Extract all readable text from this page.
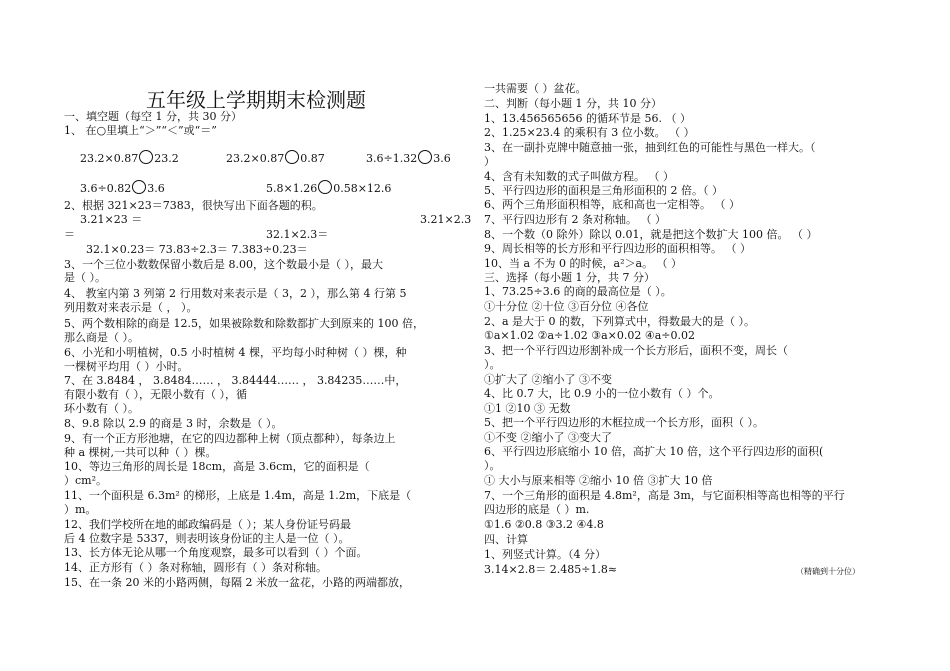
五年级上学期期末检测题
一、填空题（每空 1 分，共 30 分）
1、 在○里填上“＞”“＜”或“＝”
23.2×0.87 23.2	23.2×0.87 0.87	3.6÷1.32 3.6
3.6÷0.82 3.6	5.8×1.26 0.58×12.6
2、根据 321×23＝7383，很快写出下面各题的积。
3.21×23 ＝	3.21×2.3
＝	32.1×2.3＝
32.1×0.23＝ 73.83÷2.3＝ 7.383÷0.23＝
3、一个三位小数数保留小数后是 8.00，这个数最小是（ ），最大
是（ ）。
4、 教室内第 3 列第 2 行用数对来表示是（ 3，2 ），那么第 4 行第 5
列用数对来表示是（ ， ）。
5、两个数相除的商是 12.5，如果被除数和除数都扩大到原来的 100 倍，
那么商是（ ）。
6、小光和小明植树，0.5 小时植树 4 棵，平均每小时种树（ ）棵，种
一棵树平均用（ ）小时。
7、在 3.8484 ， 3.8484…… ， 3.84444…… ， 3.84235……中，
有限小数有（ ），无限小数有（ ），循
环小数有（ ）。
8、9.8 除以 2.9 的商是 3 时，余数是（ ）。
9、有一个正方形池塘，在它的四边都种上树（顶点都种），每条边上
种 a 棵树,一共可以种（ ）棵。
10、等边三角形的周长是 18cm，高是 3.6cm，它的面积是（
）cm²。
11、一个面积是 6.3m² 的梯形，上底是 1.4m，高是 1.2m，下底是（
）m。
12、我们学校所在地的邮政编码是（ ）；某人身份证号码最
后 4 位数字是 5337，则表明该身份证的主人是一位（ ）。
13、长方体无论从哪一个角度观察，最多可以看到（ ）个面。
14、正方形有（ ）条对称轴，圆形有（ ）条对称轴。
15、在一条 20 米的小路两侧，每隔 2 米放一盆花，小路的两端都放，
一共需要（ ）盆花。
二、判断（每小题 1 分，共 10 分）
1、13.456565656 的循环节是 56. （ ）
2、1.25×23.4 的乘积有 3 位小数。 （ ）
3、在一副扑克牌中随意抽一张，抽到红色的可能性与黑色一样大。（
）
4、含有未知数的式子叫做方程。 （ ）
5、平行四边形的面积是三角形面积的 2 倍。（ ）
6、两个三角形面积相等，底和高也一定相等。 （ ）
7、平行四边形有 2 条对称轴。 （ ）
8、一个数（0 除外）除以 0.01，就是把这个数扩大 100 倍。 （ ）
9、周长相等的长方形和平行四边形的面积相等。 （ ）
10、当 a 不为 0 的时候，a²＞a。 （ ）
三、选择（每小题 1 分，共 7 分）
1、73.25÷3.6 的商的最高位是（ ）。
①十分位 ②十位 ③百分位 ④各位
2、a 是大于 0 的数，下列算式中，得数最大的是（ ）。
①a×1.02 ②a÷1.02 ③a×0.02 ④a÷0.02
3、把一个平行四边形割补成一个长方形后，面积不变，周长（
）。
①扩大了 ②缩小了 ③不变
4、比 0.7 大，比 0.9 小的一位小数有（ ）个。
①1 ②10 ③ 无数
5、把一个平行四边形的木框拉成一个长方形，面积（ ）。
①不变 ②缩小了 ③变大了
6、平行四边形底缩小 10 倍，高扩大 10 倍，这个平行四边形的面积(
）。
① 大小与原来相等 ②缩小 10 倍 ③扩大 10 倍
7、一个三角形的面积是 4.8m²，高是 3m，与它面积相等高也相等的平行
四边形的底是（ ）m.
①1.6 ②0.8 ③3.2 ④4.8
四、计算
1、列竖式计算。（4 分）
3.14×2.8＝ 2.485÷1.8≈	（精确到十分位）
